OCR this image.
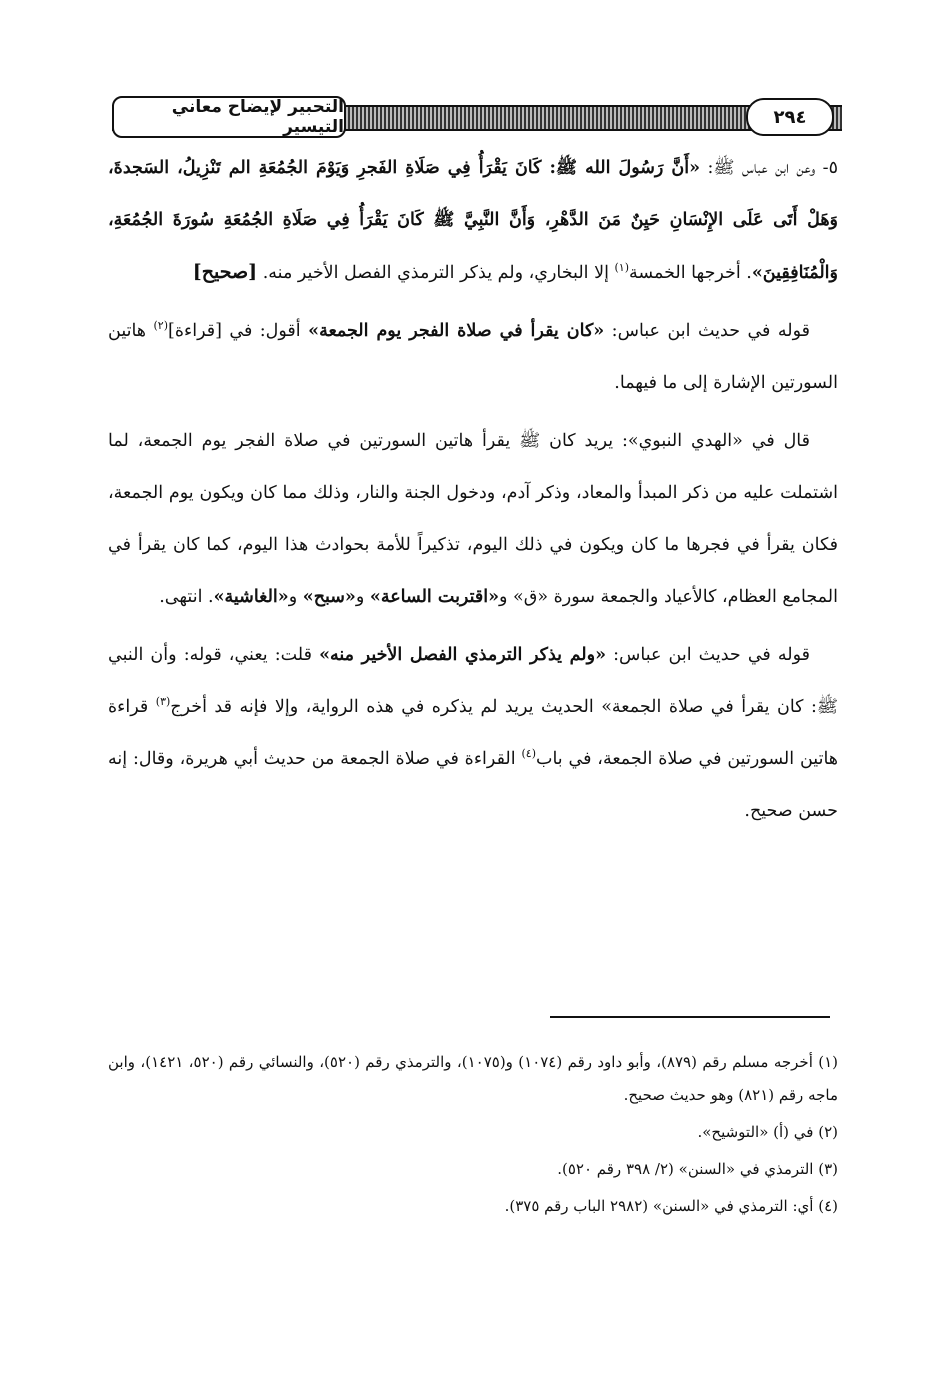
التحبير لإيضاح معاني التيسير	٢٩٤

٥- وعن ابن عباس ﷺ: «أَنَّ رَسُولَ الله ﷺ: كَانَ يَقْرَأُ فِي صَلَاةِ الفَجرِ وَيَوْمَ الجُمُعَةِ الم تَنْزِيلُ، السَجدةَ، وَهَلْ أَتَى عَلَى الإِنْسَانِ حَيِنٌ مَنَ الدَّهْرِ، وَأَنَّ النَّبِيَّ ﷺ كَانَ يَقْرَأُ فِي صَلَاةِ الجُمُعَةِ سُورَةَ الجُمُعَةِ، وَالْمُنَافِقِينَ». أخرجها الخمسة$^{(١)}$ إلا البخاري، ولم يذكر الترمذي الفصل الأخير منه. [صحيح]

قوله في حديث ابن عباس: «كان يقرأ في صلاة الفجر يوم الجمعة» أقول: في [قراءة]$^{(٢)}$ هاتين السورتين الإشارة إلى ما فيهما.

قال في «الهدي النبوي»: يريد كان ﷺ يقرأ هاتين السورتين في صلاة الفجر يوم الجمعة، لما اشتملت عليه من ذكر المبدأ والمعاد، وذكر آدم، ودخول الجنة والنار، وذلك مما كان ويكون يوم الجمعة، فكان يقرأ في فجرها ما كان ويكون في ذلك اليوم، تذكيراً للأمة بحوادث هذا اليوم، كما كان يقرأ في المجامع العظام، كالأعياد والجمعة سورة «ق» و«اقتربت الساعة» و«سبح» و«الغاشية». انتهى.

قوله في حديث ابن عباس: «ولم يذكر الترمذي الفصل الأخير منه» قلت: يعني، قوله: وأن النبي ﷺ: كان يقرأ في صلاة الجمعة» الحديث يريد لم يذكره في هذه الرواية، وإلا فإنه قد أخرج$^{(٣)}$ قراءة هاتين السورتين في صلاة الجمعة، في باب$^{(٤)}$ القراءة في صلاة الجمعة من حديث أبي هريرة، وقال: إنه حسن صحيح.

(١) أخرجه مسلم رقم (٨٧٩)، وأبو داود رقم (١٠٧٤) و(١٠٧٥)، والترمذي رقم (٥٢٠)، والنسائي رقم (٥٢٠، ١٤٢١)، وابن ماجه رقم (٨٢١) وهو حديث صحيح.

(٢) في (أ) «التوشيح».

(٣) الترمذي في «السنن» (٢/ ٣٩٨ رقم ٥٢٠).

(٤) أي: الترمذي في «السنن» (٢٩٨٢ الباب رقم ٣٧٥).
